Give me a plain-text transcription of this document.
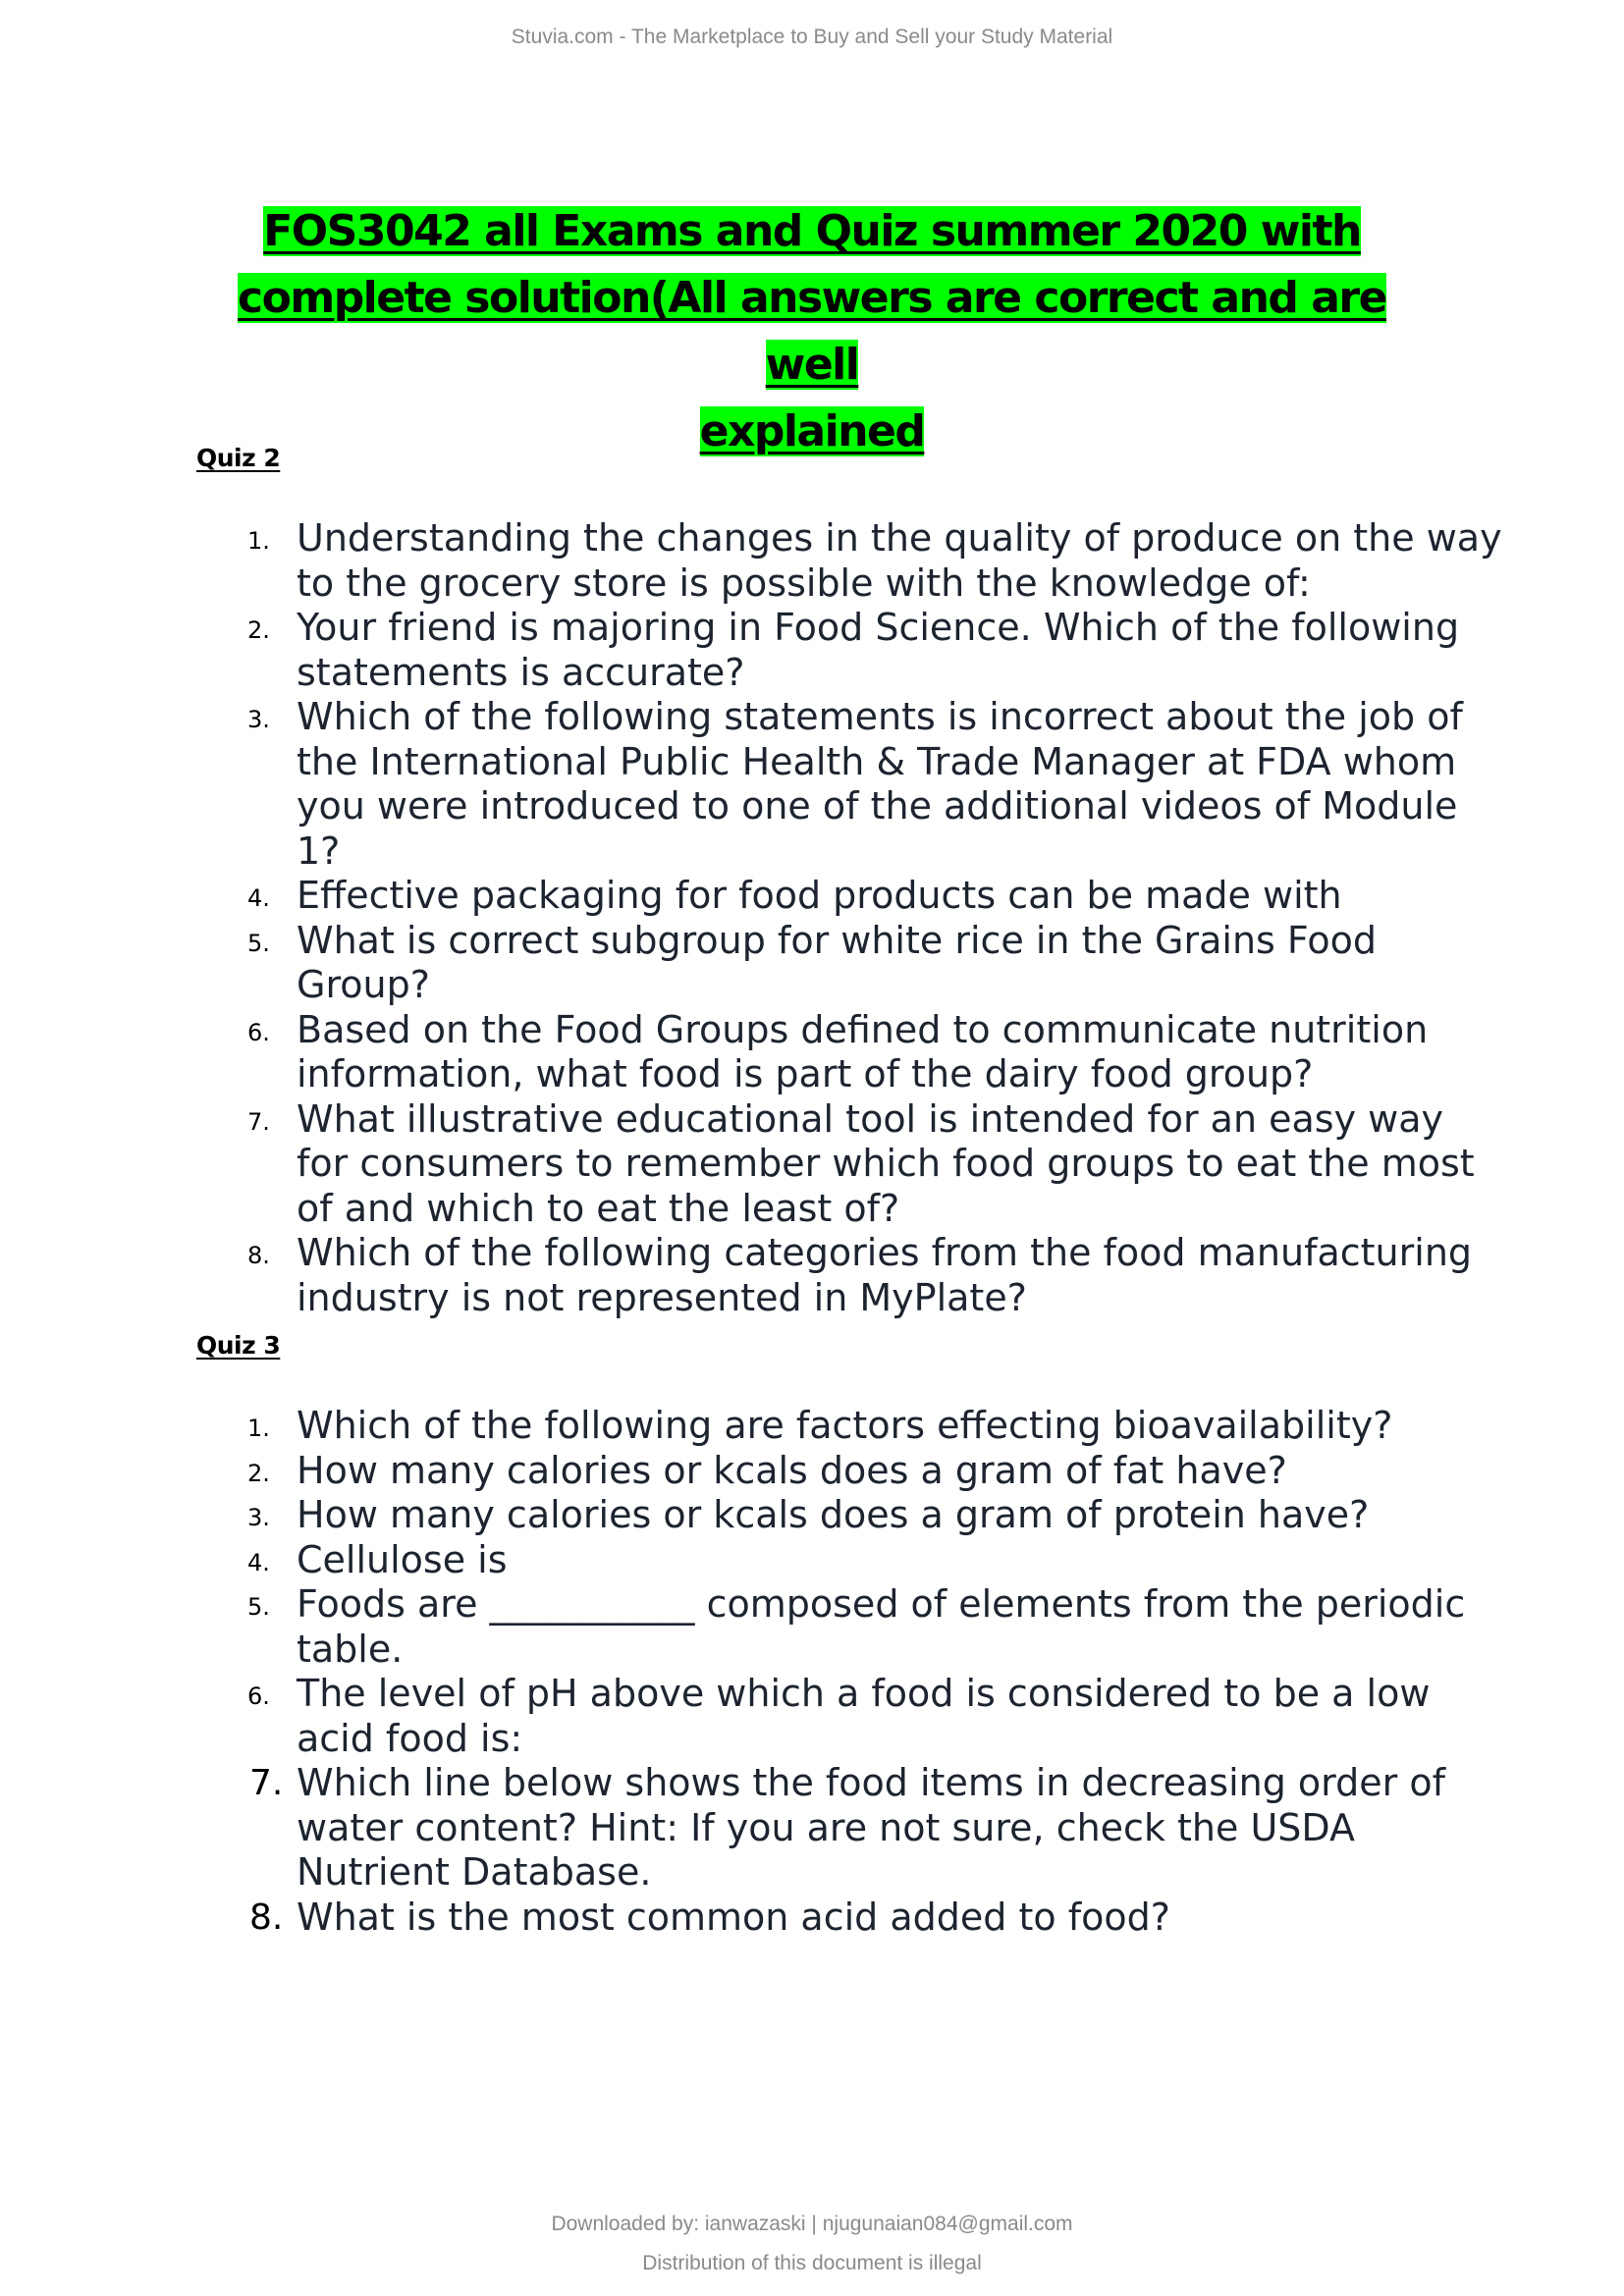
Stuvia.com - The Marketplace to Buy and Sell your Study Material
FOS3042 all Exams and Quiz summer 2020 with
complete solution(All answers are correct and are well
explained
Quiz 2
1. Understanding the changes in the quality of produce on the way to the grocery store is possible with the knowledge of:
2. Your friend is majoring in Food Science. Which of the following statements is accurate?
3. Which of the following statements is incorrect about the job of the International Public Health & Trade Manager at FDA whom you were introduced to one of the additional videos of Module 1?
4. Effective packaging for food products can be made with
5. What is correct subgroup for white rice in the Grains Food Group?
6. Based on the Food Groups defined to communicate nutrition information, what food is part of the dairy food group?
7. What illustrative educational tool is intended for an easy way for consumers to remember which food groups to eat the most of and which to eat the least of?
8. Which of the following categories from the food manufacturing industry is not represented in MyPlate?
Quiz 3
1. Which of the following are factors effecting bioavailability?
2. How many calories or kcals does a gram of fat have?
3. How many calories or kcals does a gram of protein have?
4. Cellulose is
5. Foods are ___________ composed of elements from the periodic table.
6. The level of pH above which a food is considered to be a low acid food is:
7. Which line below shows the food items in decreasing order of water content? Hint: If you are not sure, check the USDA Nutrient Database.
8. What is the most common acid added to food?
Downloaded by: ianwazaski | njugunaian084@gmail.com
Distribution of this document is illegal
